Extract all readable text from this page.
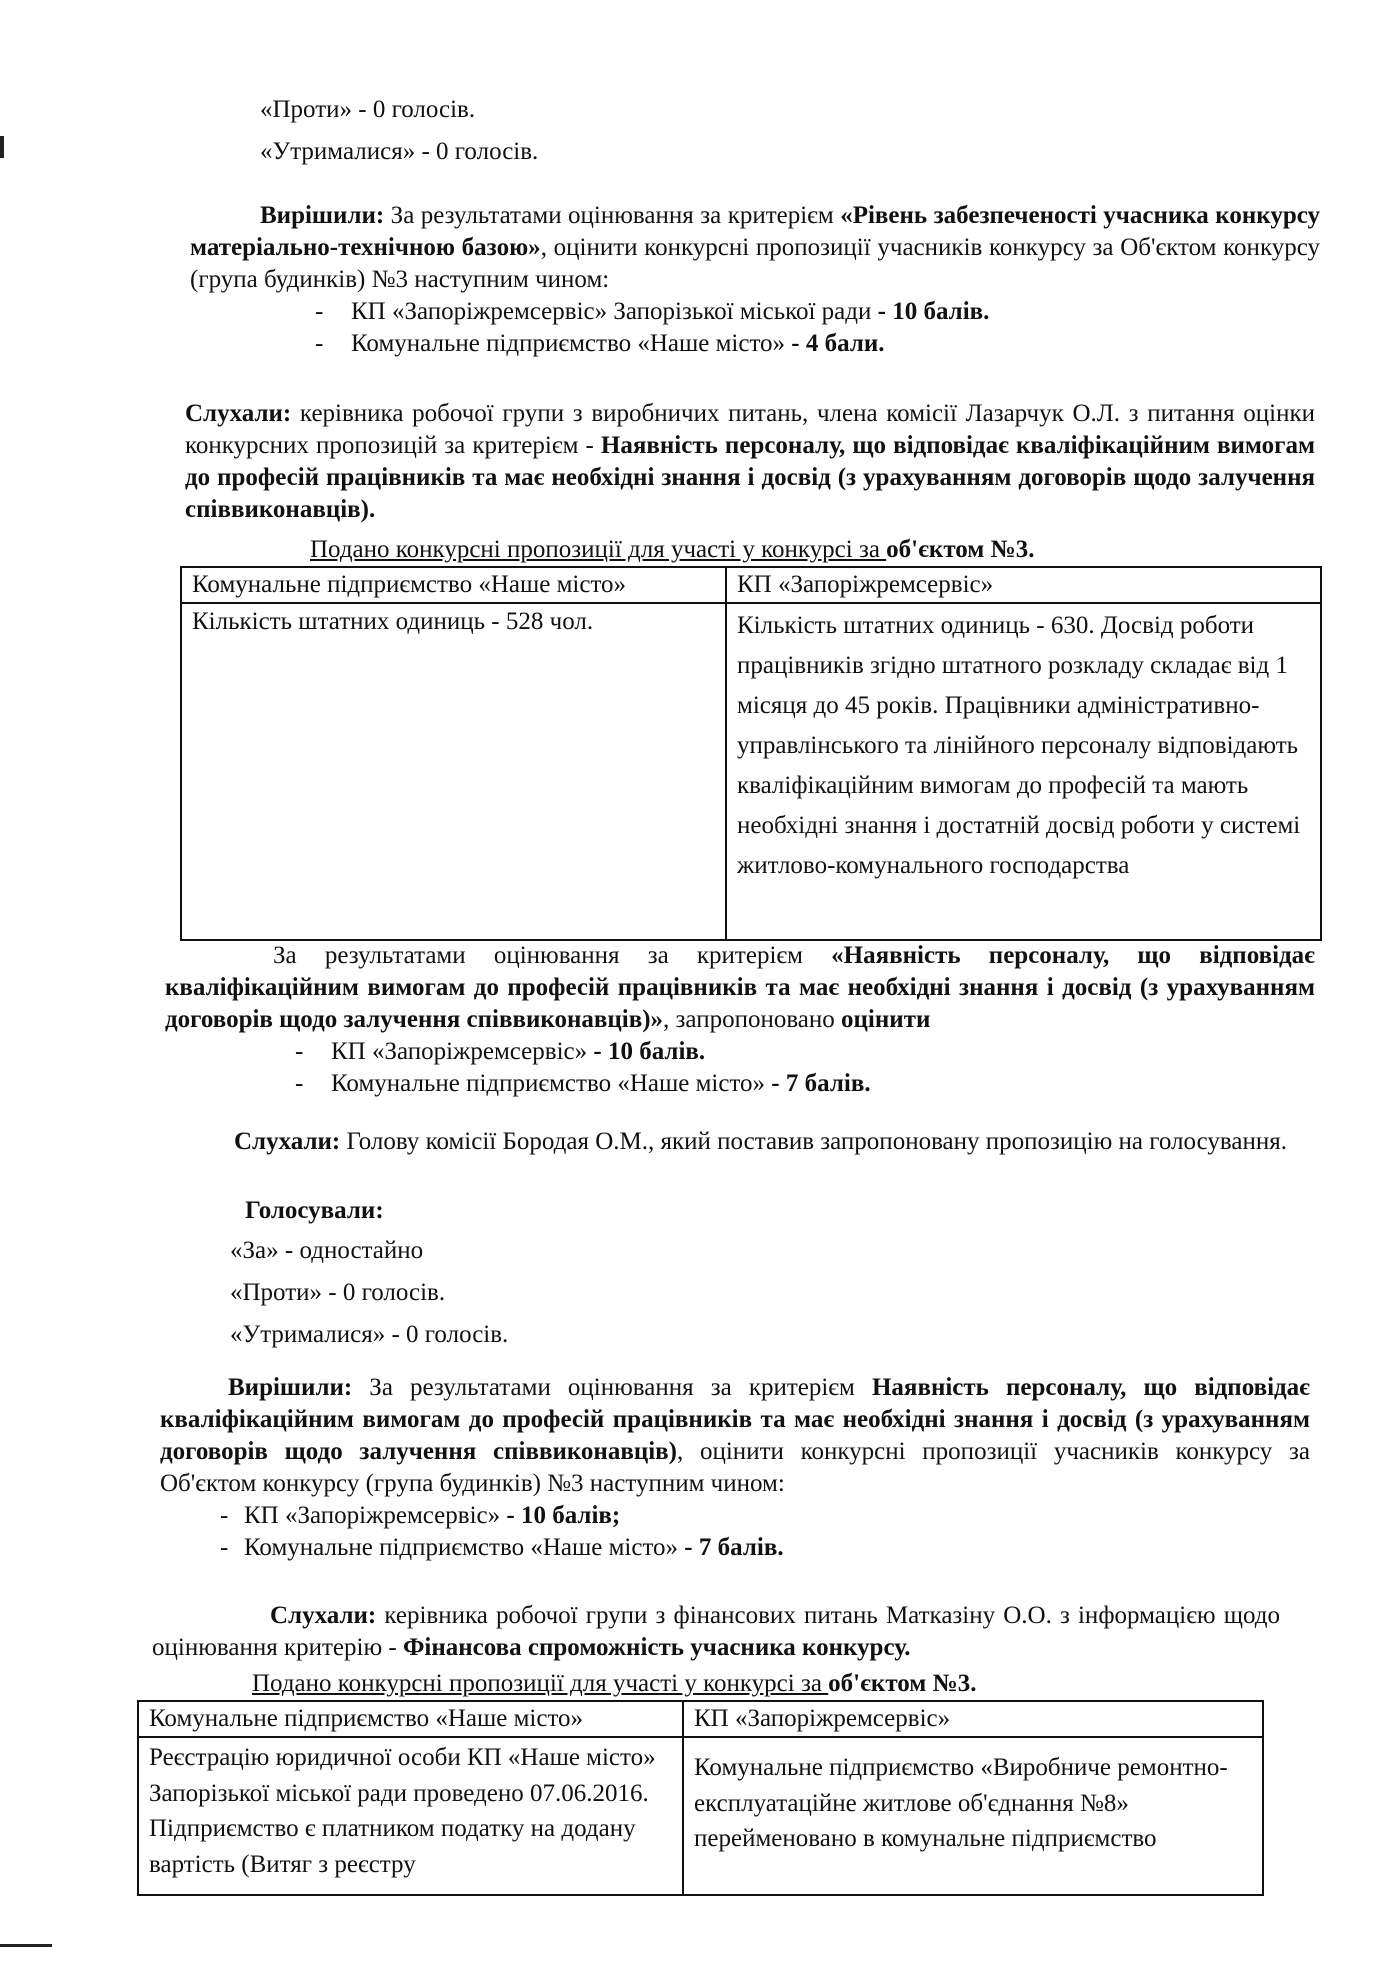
«Проти» - 0 голосів.

«Утрималися» - 0 голосів.

Вирішили: За результатами оцінювання за критерієм «Рівень забезпеченості учасника конкурсу матеріально-технічною базою», оцінити конкурсні пропозиції учасників конкурсу за Об'єктом конкурсу (група будинків) №3 наступним чином:

- КП «Запоріжремсервіс» Запорізької міської ради - 10 балів.

- Комунальне підприємство «Наше місто» - 4 бали.

Слухали: керівника робочої групи з виробничих питань, члена комісії Лазарчук О.Л. з питання оцінки конкурсних пропозицій за критерієм - Наявність персоналу, що відповідає кваліфікаційним вимогам до професій працівників та має необхідні знання і досвід (з урахуванням договорів щодо залучення співвиконавців).

Подано конкурсні пропозиції для участі у конкурсі за об'єктом №3.
Комунальне підприємство «Наше місто»	КП «Запоріжремсервіс»
Кількість штатних одиниць - 528 чол.	Кількість штатних одиниць - 630. Досвід роботи працівників згідно штатного розкладу складає від 1 місяця до 45 років. Працівники адміністративно-управлінського та лінійного персоналу відповідають кваліфікаційним вимогам до професій та мають необхідні знання і достатній досвід роботи у системі житлово-комунального господарства

За результатами оцінювання за критерієм «Наявність персоналу, що відповідає кваліфікаційним вимогам до професій працівників та має необхідні знання і досвід (з урахуванням договорів щодо залучення співвиконавців)», запропоновано оцінити

- КП «Запоріжремсервіс» - 10 балів.

- Комунальне підприємство «Наше місто» - 7 балів.

Слухали: Голову комісії Бородая О.М., який поставив запропоновану пропозицію на голосування.

Голосували:

«За» - одностайно

«Проти» - 0 голосів.

«Утрималися» - 0 голосів.

Вирішили: За результатами оцінювання за критерієм Наявність персоналу, що відповідає кваліфікаційним вимогам до професій працівників та має необхідні знання і досвід (з урахуванням договорів щодо залучення співвиконавців), оцінити конкурсні пропозиції учасників конкурсу за Об'єктом конкурсу (група будинків) №3 наступним чином:

- КП «Запоріжремсервіс» - 10 балів;

- Комунальне підприємство «Наше місто» - 7 балів.

Слухали: керівника робочої групи з фінансових питань Матказіну О.О. з інформацією щодо оцінювання критерію - Фінансова спроможність учасника конкурсу.

Подано конкурсні пропозиції для участі у конкурсі за об'єктом №3.
Комунальне підприємство «Наше місто»	КП «Запоріжремсервіс»
Реєстрацію юридичної особи КП «Наше місто» Запорізької міської ради проведено 07.06.2016. Підприємство є платником податку на додану вартість (Витяг з реєстру	Комунальне підприємство «Виробниче ремонтно-експлуатаційне житлове об'єднання №8» перейменовано в комунальне підприємство
